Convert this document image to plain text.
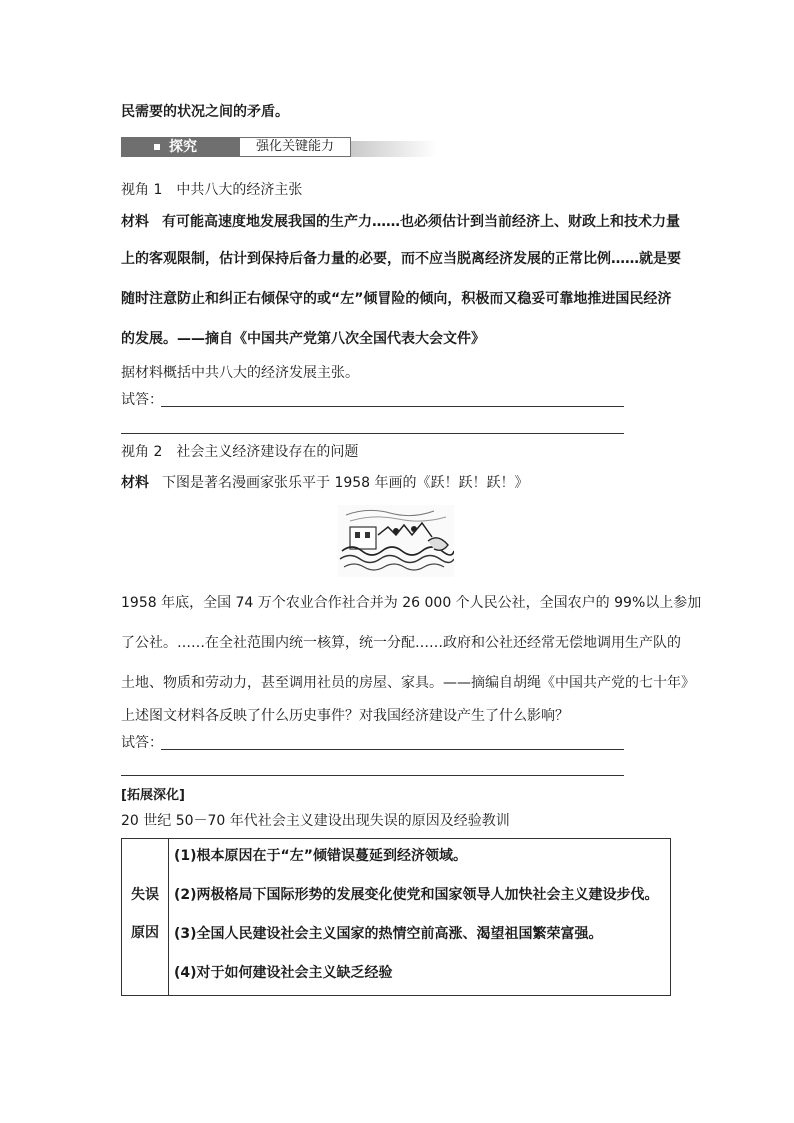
民需要的状况之间的矛盾。
探究	强化关键能力
视角 1　中共八大的经济主张
材料 有可能高速度地发展我国的生产力……也必须估计到当前经济上、财政上和技术力量
上的客观限制，估计到保持后备力量的必要，而不应当脱离经济发展的正常比例……就是要
随时注意防止和纠正右倾保守的或“左”倾冒险的倾向，积极而又稳妥可靠地推进国民经济
的发展。——摘自《中国共产党第八次全国代表大会文件》
据材料概括中共八大的经济发展主张。
试答：
视角 2　社会主义经济建设存在的问题
材料 下图是著名漫画家张乐平于 1958 年画的《跃！跃！跃！》
1958 年底，全国 74 万个农业合作社合并为 26 000 个人民公社，全国农户的 99%以上参加
了公社。……在全社范围内统一核算，统一分配……政府和公社还经常无偿地调用生产队的
土地、物质和劳动力，甚至调用社员的房屋、家具。——摘编自胡绳《中国共产党的七十年》
上述图文材料各反映了什么历史事件？对我国经济建设产生了什么影响？
试答：
[拓展深化]
20 世纪 50－70 年代社会主义建设出现失误的原因及经验教训
失误
原因
(1)根本原因在于“左”倾错误蔓延到经济领域。
(2)两极格局下国际形势的发展变化使党和国家领导人加快社会主义建设步伐。
(3)全国人民建设社会主义国家的热情空前高涨、渴望祖国繁荣富强。
(4)对于如何建设社会主义缺乏经验
